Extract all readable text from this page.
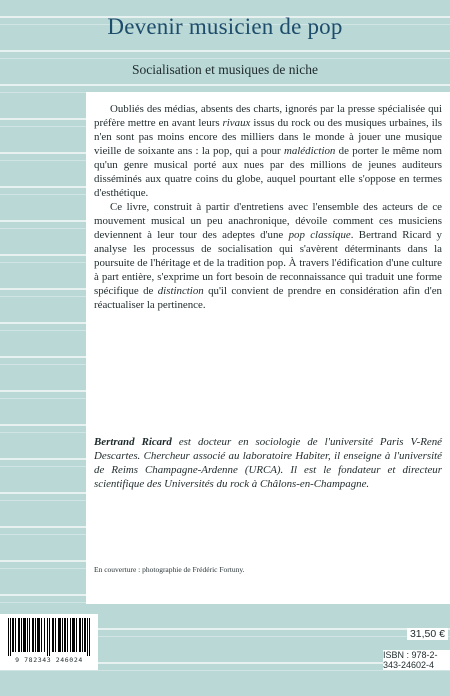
Devenir musicien de pop
Socialisation et musiques de niche

Oubliés des médias, absents des charts, ignorés par la presse spécialisée qui préfère mettre en avant leurs rivaux issus du rock ou des musiques urbaines, ils n'en sont pas moins encore des milliers dans le monde à jouer une musique vieille de soixante ans : la pop, qui a pour malédiction de porter le même nom qu'un genre musical porté aux nues par des millions de jeunes auditeurs disséminés aux quatre coins du globe, auquel pourtant elle s'oppose en termes d'esthétique.

Ce livre, construit à partir d'entretiens avec l'ensemble des acteurs de ce mouvement musical un peu anachronique, dévoile comment ces musiciens deviennent à leur tour des adeptes d'une pop classique. Bertrand Ricard y analyse les processus de socialisation qui s'avèrent déterminants dans la poursuite de l'héritage et de la tradition pop. À travers l'édification d'une culture à part entière, s'exprime un fort besoin de reconnaissance qui traduit une forme spécifique de distinction qu'il convient de prendre en considération afin d'en réactualiser la pertinence.

Bertrand Ricard est docteur en sociologie de l'université Paris V-René Descartes. Chercheur associé au laboratoire Habiter, il enseigne à l'université de Reims Champagne-Ardenne (URCA). Il est le fondateur et directeur scientifique des Universités du rock à Châlons-en-Champagne.
En couverture : photographie de Frédéric Fortuny.
9 782343 246024
31,50 €
ISBN : 978-2-343-24602-4
